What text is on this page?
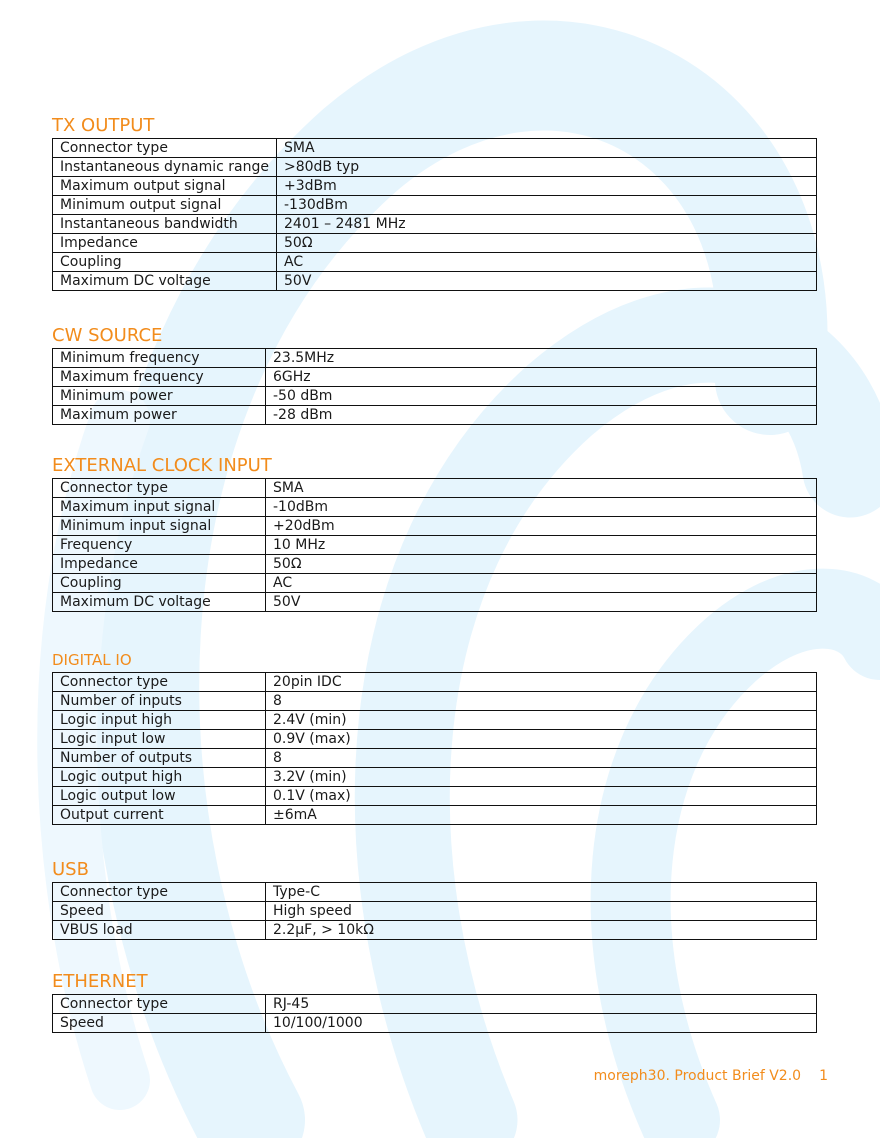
TX OUTPUT
Connector type	SMA
Instantaneous dynamic range	>80dB typ
Maximum output signal	+3dBm
Minimum output signal	-130dBm
Instantaneous bandwidth	2401 – 2481 MHz
Impedance	50Ω
Coupling	AC
Maximum DC voltage	50V
CW SOURCE
Minimum frequency	23.5MHz
Maximum frequency	6GHz
Minimum power	-50 dBm
Maximum power	-28 dBm
EXTERNAL CLOCK INPUT
Connector type	SMA
Maximum input signal	-10dBm
Minimum input signal	+20dBm
Frequency	10 MHz
Impedance	50Ω
Coupling	AC
Maximum DC voltage	50V
DIGITAL IO
Connector type	20pin IDC
Number of inputs	8
Logic input high	2.4V (min)
Logic input low	0.9V (max)
Number of outputs	8
Logic output high	3.2V (min)
Logic output low	0.1V (max)
Output current	±6mA
USB
Connector type	Type-C
Speed	High speed
VBUS load	2.2μF, > 10kΩ
ETHERNET
Connector type	RJ-45
Speed	10/100/1000
moreph30. Product Brief V2.0 1
